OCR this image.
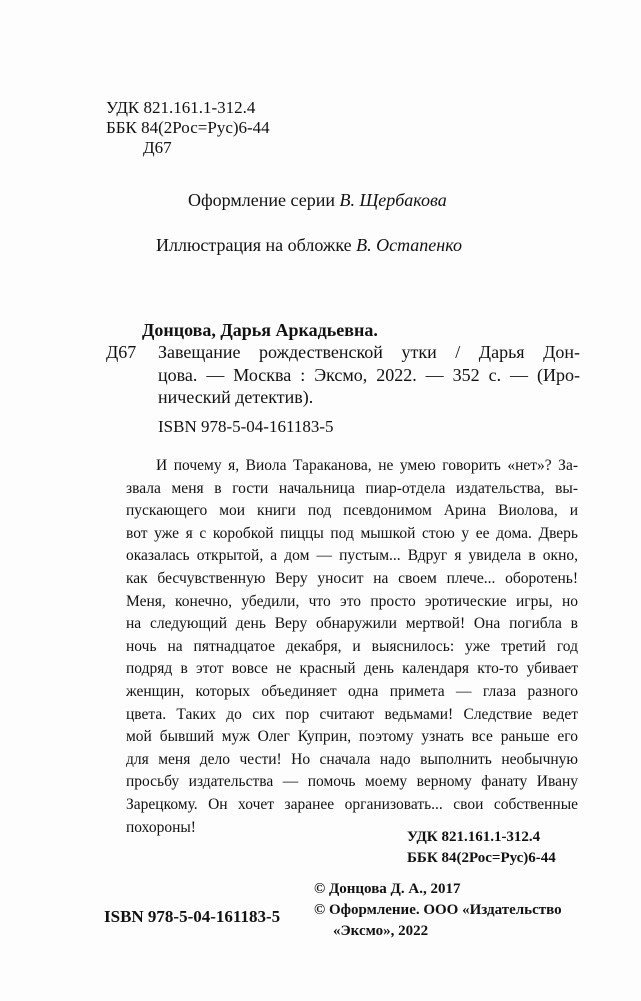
УДК 821.161.1-312.4
ББК 84(2Рос=Рус)6-44
Д67
Оформление серии В. Щербакова
Иллюстрация на обложке В. Остапенко
Донцова, Дарья Аркадьевна.
Д67 Завещание рождественской утки / Дарья Дон-
цова. — Москва : Эксмо, 2022. — 352 с. — (Иро-
нический детектив).
ISBN 978-5-04-161183-5
И почему я, Виола Тараканова, не умею говорить «нет»? За-
звала меня в гости начальница пиар-отдела издательства, вы-
пускающего мои книги под псевдонимом Арина Виолова, и
вот уже я с коробкой пиццы под мышкой стою у ее дома. Дверь
оказалась открытой, а дом — пустым... Вдруг я увидела в окно,
как бесчувственную Веру уносит на своем плече... оборотень!
Меня, конечно, убедили, что это просто эротические игры, но
на следующий день Веру обнаружили мертвой! Она погибла в
ночь на пятнадцатое декабря, и выяснилось: уже третий год
подряд в этот вовсе не красный день календаря кто-то убивает
женщин, которых объединяет одна примета — глаза разного
цвета. Таких до сих пор считают ведьмами! Следствие ведет
мой бывший муж Олег Куприн, поэтому узнать все раньше его
для меня дело чести! Но сначала надо выполнить необычную
просьбу издательства — помочь моему верному фанату Ивану
Зарецкому. Он хочет заранее организовать... свои собственные
похороны!
УДК 821.161.1-312.4
ББК 84(2Рос=Рус)6-44
© Донцова Д. А., 2017
© Оформление. ООО «Издательство
«Эксмо», 2022
ISBN 978-5-04-161183-5
